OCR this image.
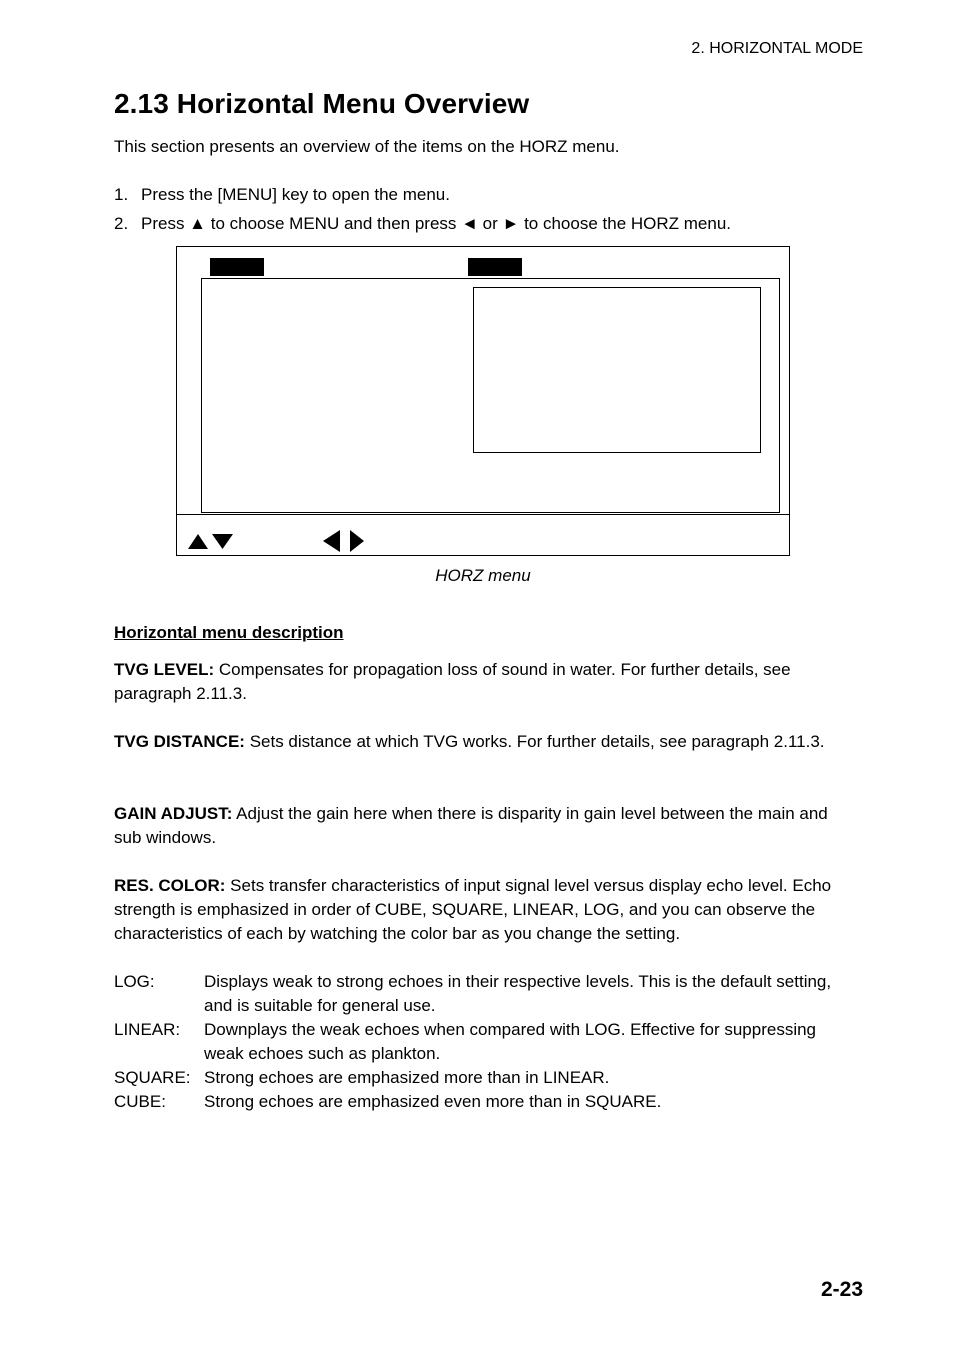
2. HORIZONTAL MODE
2.13 Horizontal Menu Overview
This section presents an overview of the items on the HORZ menu.
1. Press the [MENU] key to open the menu.
2. Press ▲ to choose MENU and then press ◄ or ► to choose the HORZ menu.
HORZ menu
Horizontal menu description
TVG LEVEL: Compensates for propagation loss of sound in water. For further details, see paragraph 2.11.3.
TVG DISTANCE: Sets distance at which TVG works. For further details, see paragraph 2.11.3.
GAIN ADJUST: Adjust the gain here when there is disparity in gain level between the main and sub windows.
RES. COLOR: Sets transfer characteristics of input signal level versus display echo level. Echo strength is emphasized in order of CUBE, SQUARE, LINEAR, LOG, and you can observe the characteristics of each by watching the color bar as you change the setting.
LOG:	Displays weak to strong echoes in their respective levels. This is the default setting, and is suitable for general use.
LINEAR:	Downplays the weak echoes when compared with LOG. Effective for suppressing weak echoes such as plankton.
SQUARE: Strong echoes are emphasized more than in LINEAR.
CUBE:	Strong echoes are emphasized even more than in SQUARE.
2-23
